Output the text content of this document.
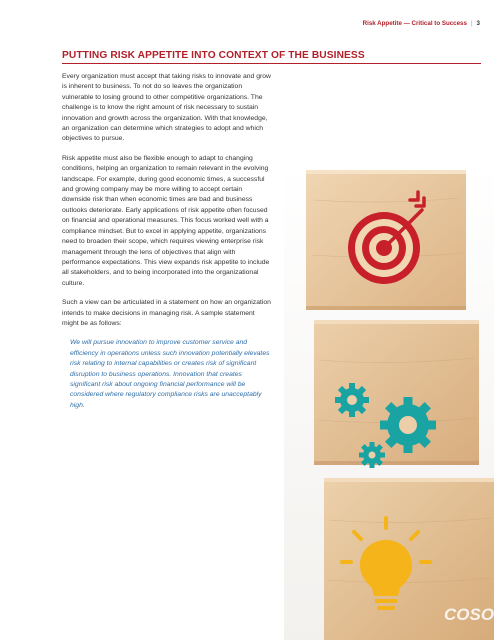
Risk Appetite — Critical to Success | 3
PUTTING RISK APPETITE INTO CONTEXT OF THE BUSINESS

Every organization must accept that taking risks to innovate and grow is inherent to business. To not do so leaves the organization vulnerable to losing ground to other competitive organizations. The challenge is to know the right amount of risk necessary to sustain innovation and growth across the organization. With that knowledge, an organization can determine which strategies to adopt and which objectives to pursue.

Risk appetite must also be flexible enough to adapt to changing conditions, helping an organization to remain relevant in the evolving landscape. For example, during good economic times, a successful and growing company may be more willing to accept certain downside risk than when economic times are bad and business outlooks deteriorate. Early applications of risk appetite often focused on financial and operational measures. This focus worked well with a compliance mindset. But to excel in applying appetite, organizations need to broaden their scope, which requires viewing enterprise risk management through the lens of objectives that align with performance expectations. This view expands risk appetite to include all stakeholders, and to being incorporated into the organizational culture.

Such a view can be articulated in a statement on how an organization intends to make decisions in managing risk. A sample statement might be as follows:

We will pursue innovation to improve customer service and efficiency in operations unless such innovation potentially elevates risk relating to internal capabilities or creates risk of significant disruption to business operations. Innovation that creates significant risk about ongoing financial performance will be considered where regulatory compliance risks are unacceptably high.

COSO
